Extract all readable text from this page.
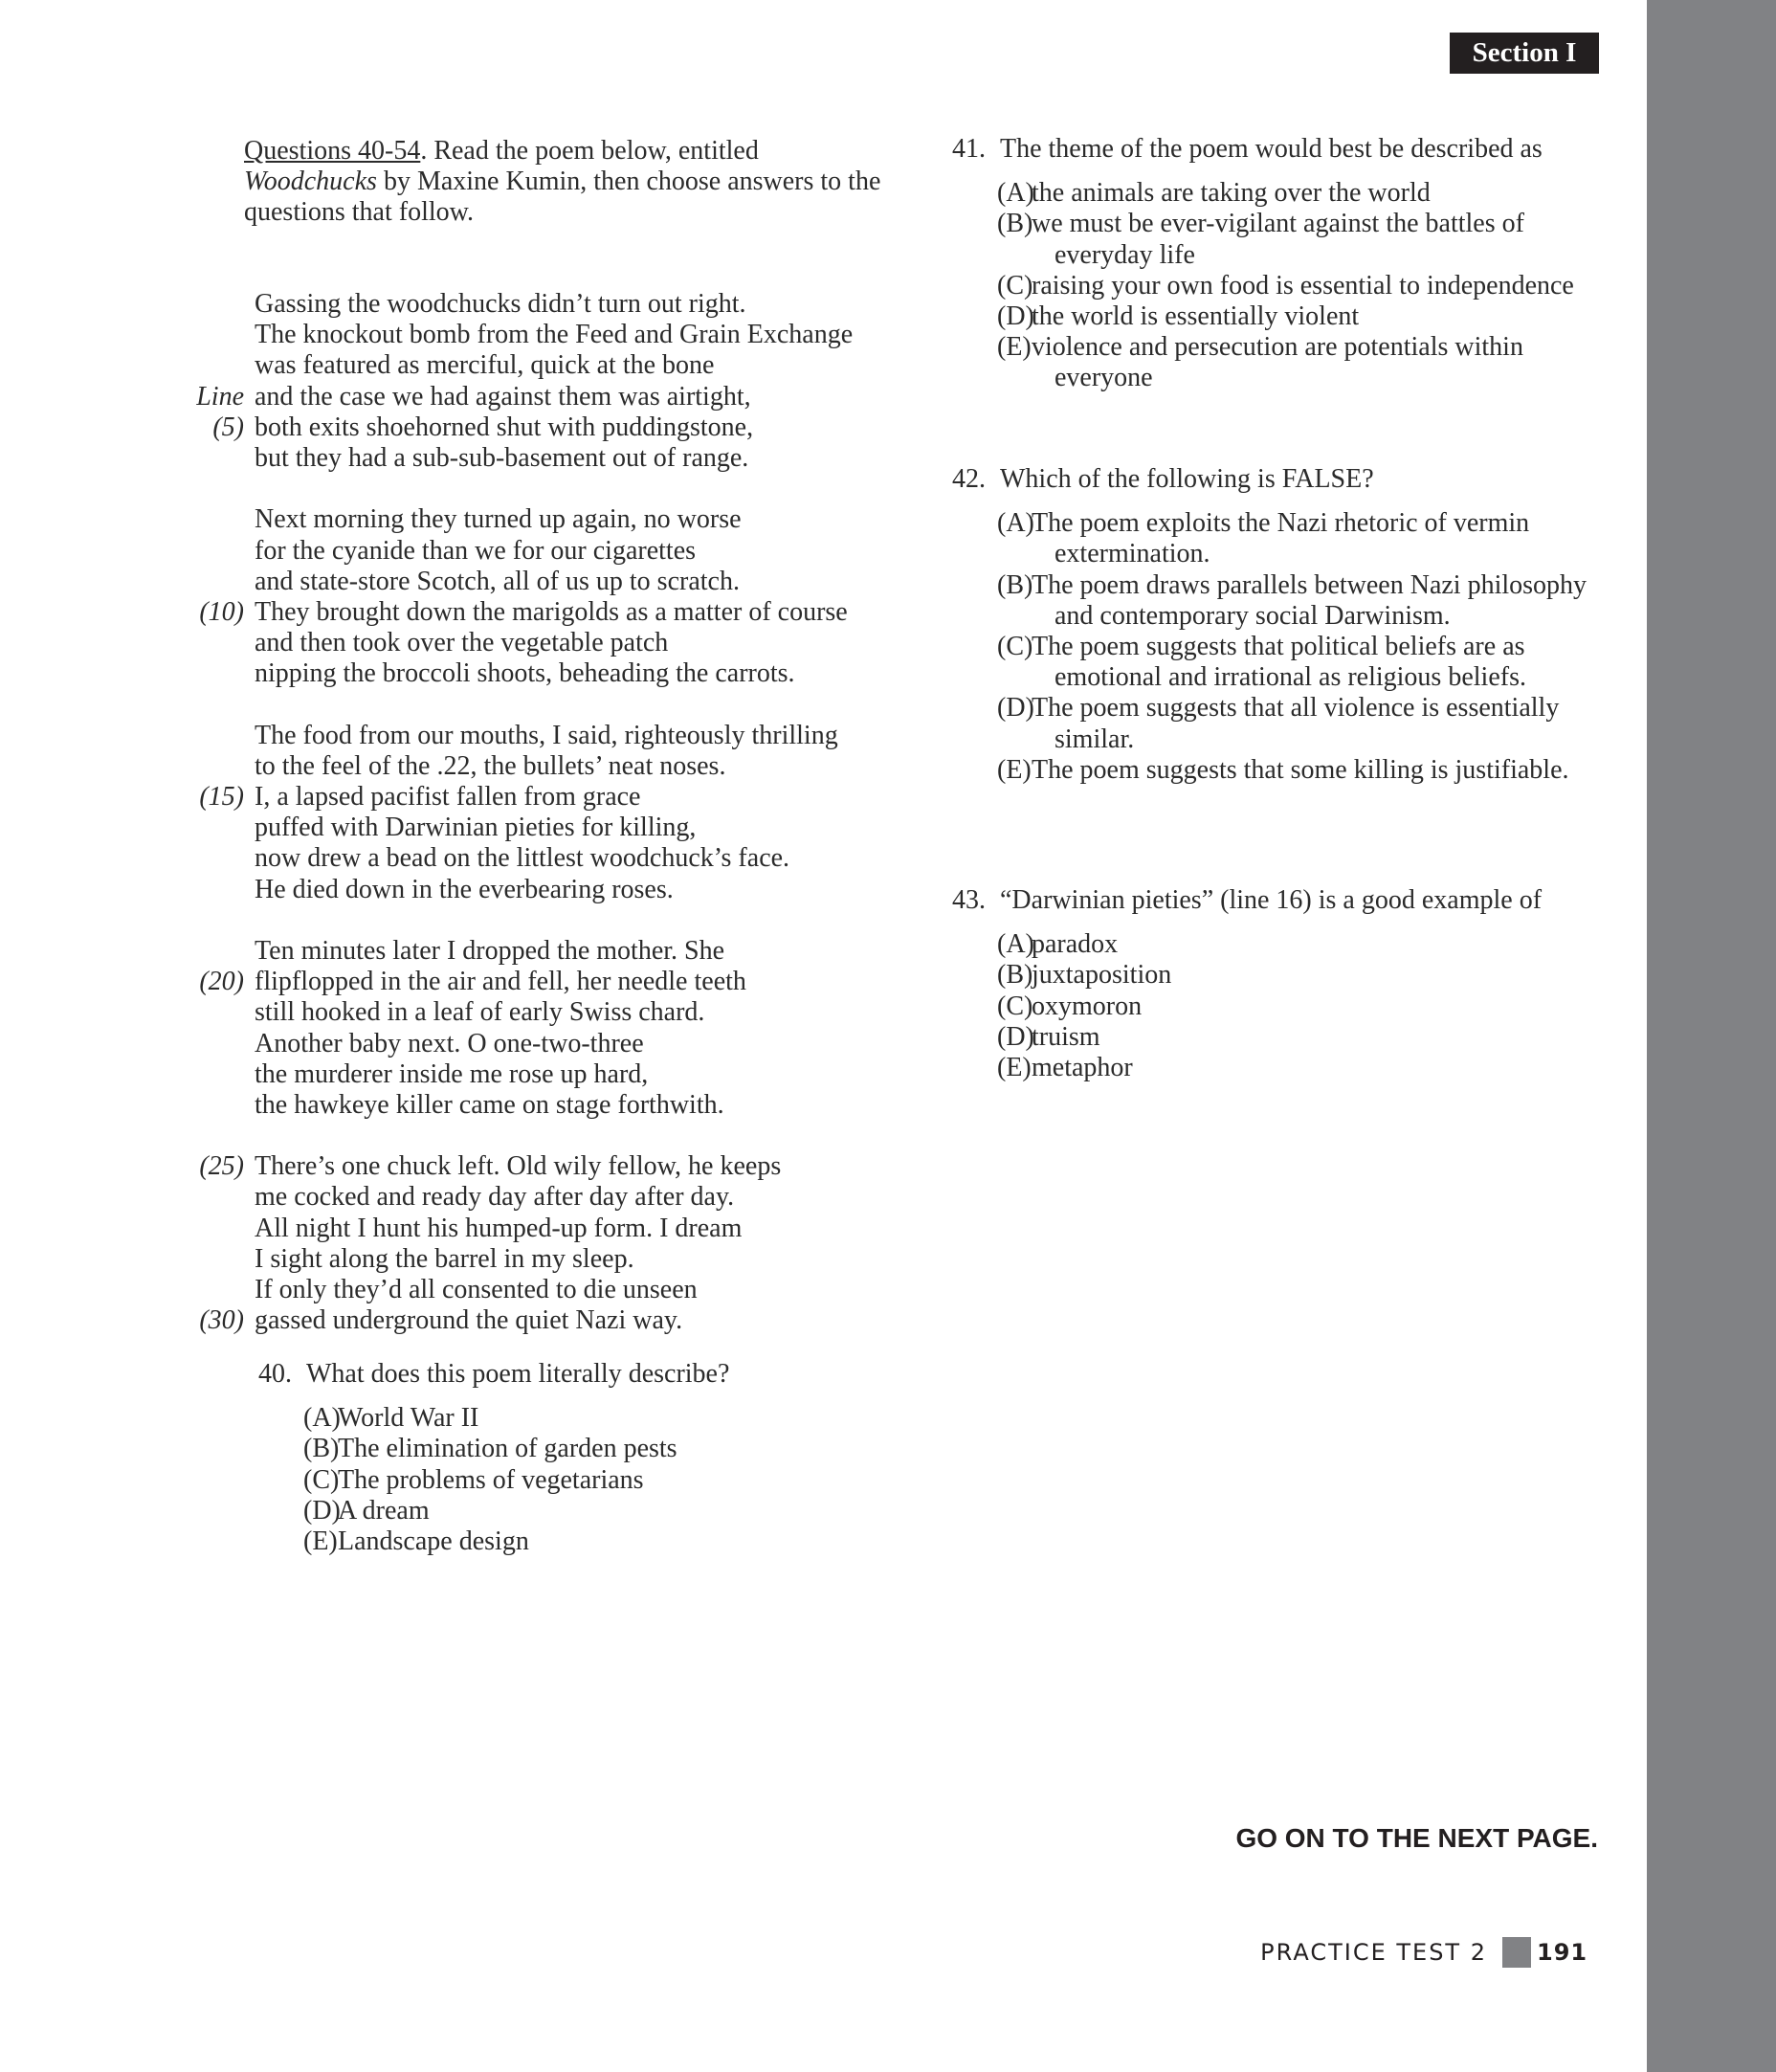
Section I
Questions 40-54. Read the poem below, entitled Woodchucks by Maxine Kumin, then choose answers to the questions that follow.
Gassing the woodchucks didn’t turn out right.
The knockout bomb from the Feed and Grain Exchange
was featured as merciful, quick at the bone
Line and the case we had against them was airtight,
(5) both exits shoehorned shut with puddingstone,
but they had a sub-sub-basement out of range.
Next morning they turned up again, no worse
for the cyanide than we for our cigarettes
and state-store Scotch, all of us up to scratch.
(10) They brought down the marigolds as a matter of course
and then took over the vegetable patch
nipping the broccoli shoots, beheading the carrots.
The food from our mouths, I said, righteously thrilling
to the feel of the .22, the bullets’ neat noses.
(15) I, a lapsed pacifist fallen from grace
puffed with Darwinian pieties for killing,
now drew a bead on the littlest woodchuck’s face.
He died down in the everbearing roses.
Ten minutes later I dropped the mother. She
(20) flipflopped in the air and fell, her needle teeth
still hooked in a leaf of early Swiss chard.
Another baby next. O one-two-three
the murderer inside me rose up hard,
the hawkeye killer came on stage forthwith.
(25) There’s one chuck left. Old wily fellow, he keeps
me cocked and ready day after day after day.
All night I hunt his humped-up form. I dream
I sight along the barrel in my sleep.
If only they’d all consented to die unseen
(30) gassed underground the quiet Nazi way.
40. What does this poem literally describe?
(A)
World War II
(B)
The elimination of garden pests
(C)
The problems of vegetarians
(D)
A dream
(E) Landscape design
41. The theme of the poem would best be described as
(A)
the animals are taking over the world
(B)
we must be ever-vigilant against the battles of everyday life
(C)
raising your own food is essential to independence
(D)
the world is essentially violent
(E) violence and persecution are potentials within everyone
42. Which of the following is FALSE?
(A)
The poem exploits the Nazi rhetoric of vermin extermination.
(B)
The poem draws parallels between Nazi philosophy and contemporary social Darwinism.
(C)
The poem suggests that political beliefs are as emotional and irrational as religious beliefs.
(D)
The poem suggests that all violence is essentially similar.
(E) The poem suggests that some killing is justifiable.
43. “Darwinian pieties” (line 16) is a good example of
(A)
paradox
(B)
juxtaposition
(C)
oxymoron
(D)
truism
(E) metaphor
GO ON TO THE NEXT PAGE.
PRACTICE TEST 2 191
